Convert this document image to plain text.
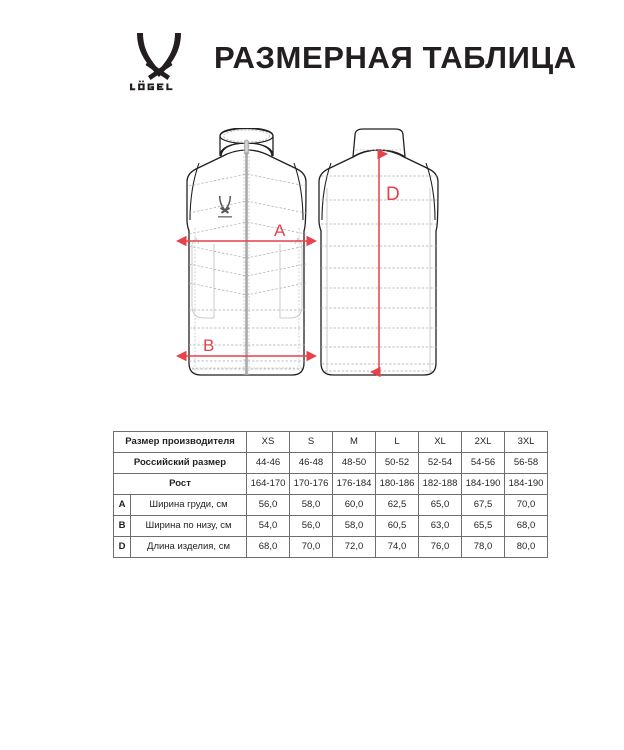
РАЗМЕРНАЯ ТАБЛИЦА
A
B
D
Размер производителя		XS	S	M	L	XL	2XL	3XL
Российский размер		44-46	46-48	48-50	50-52	52-54	54-56	56-58
Рост		164-170	170-176	176-184	180-186	182-188	184-190	184-190
A	Ширина груди, см	56,0	58,0	60,0	62,5	65,0	67,5	70,0
B	Ширина по низу, см	54,0	56,0	58,0	60,5	63,0	65,5	68,0
D	Длина изделия, см	68,0	70,0	72,0	74,0	76,0	78,0	80,0
